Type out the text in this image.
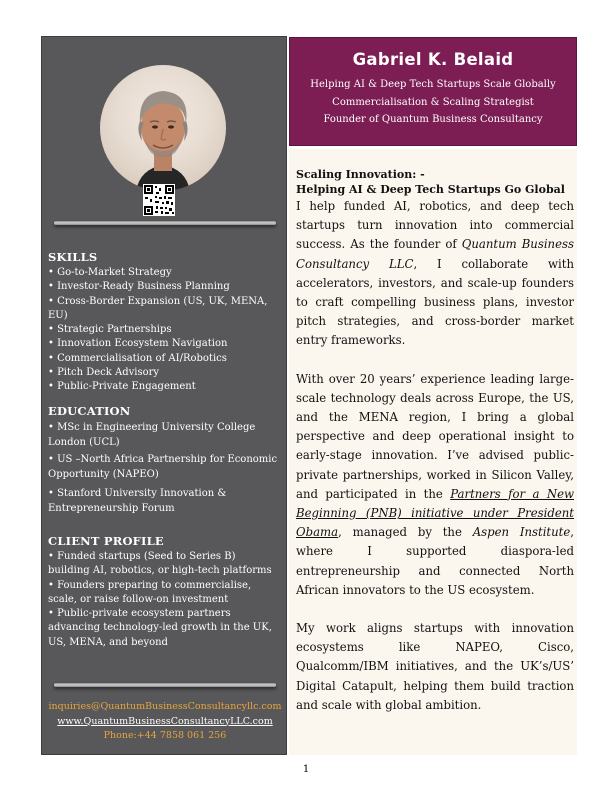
SKILLS
• Go-to-Market Strategy
• Investor-Ready Business Planning
• Cross-Border Expansion (US, UK, MENA, EU)
• Strategic Partnerships
• Innovation Ecosystem Navigation
• Commercialisation of AI/Robotics
• Pitch Deck Advisory
• Public-Private Engagement
EDUCATION
• MSc in Engineering University College London (UCL)
• US –North Africa Partnership for Economic Opportunity (NAPEO)
• Stanford University Innovation & Entrepreneurship Forum
CLIENT PROFILE
• Funded startups (Seed to Series B) building AI, robotics, or high-tech platforms
• Founders preparing to commercialise, scale, or raise follow-on investment
• Public-private ecosystem partners advancing technology-led growth in the UK, US, MENA, and beyond
inquiries@QuantumBusinessConsultancyllc.com
www.QuantumBusinessConsultancyLLC.com
Phone:+44 7858 061 256
Gabriel K. Belaid
Helping AI & Deep Tech Startups Scale Globally
Commercialisation & Scaling Strategist
Founder of Quantum Business Consultancy
Scaling Innovation: -
Helping AI & Deep Tech Startups Go Global

I help funded AI, robotics, and deep tech startups turn innovation into commercial success. As the founder of Quantum Business Consultancy LLC, I collaborate with accelerators, investors, and scale-up founders to craft compelling business plans, investor pitch strategies, and cross-border market entry frameworks.

With over 20 years’ experience leading large-scale technology deals across Europe, the US, and the MENA region, I bring a global perspective and deep operational insight to early-stage innovation. I’ve advised public-private partnerships, worked in Silicon Valley, and participated in the Partners for a New Beginning (PNB) initiative under President Obama, managed by the Aspen Institute, where I supported diaspora-led entrepreneurship and connected North African innovators to the US ecosystem.

My work aligns startups with innovation ecosystems like NAPEO, Cisco, Qualcomm/IBM initiatives, and the UK’s/US’ Digital Catapult, helping them build traction and scale with global ambition.

1
